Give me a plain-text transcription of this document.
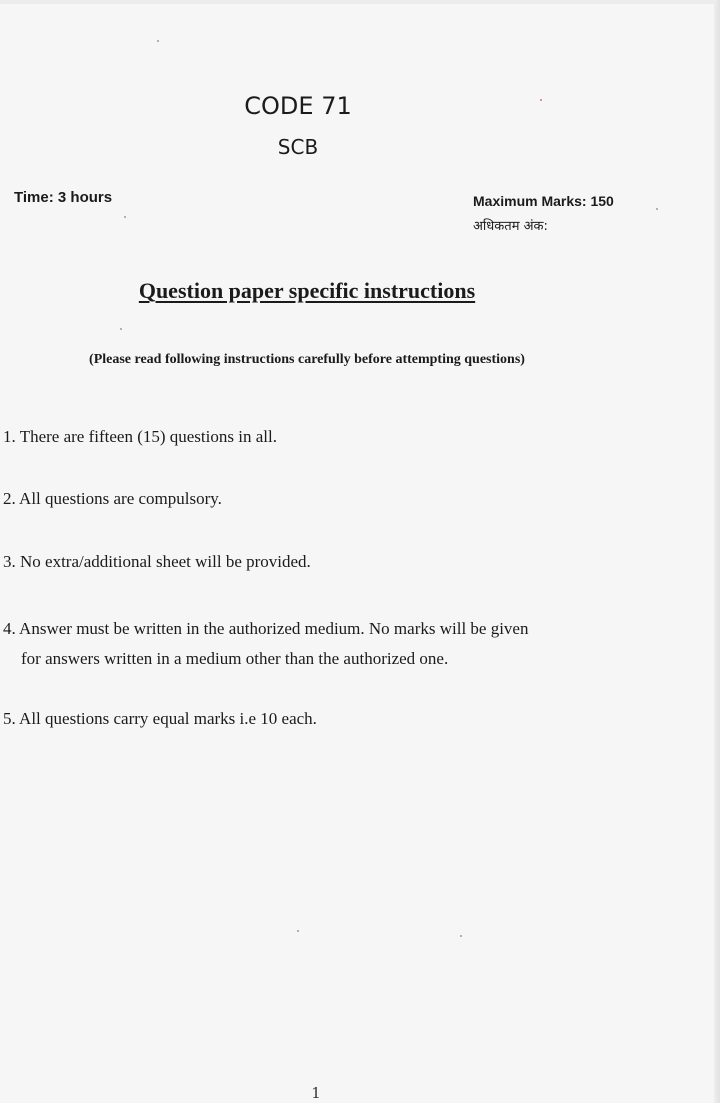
CODE 71
SCB
Time: 3 hours	Maximum Marks: 150
अधिकतम अंक:
Question paper specific instructions
(Please read following instructions carefully before attempting questions)
1. There are fifteen (15) questions in all.
2. All questions are compulsory.
3. No extra/additional sheet will be provided.
4. Answer must be written in the authorized medium. No marks will be given
for answers written in a medium other than the authorized one.
5. All questions carry equal marks i.e 10 each.
1
